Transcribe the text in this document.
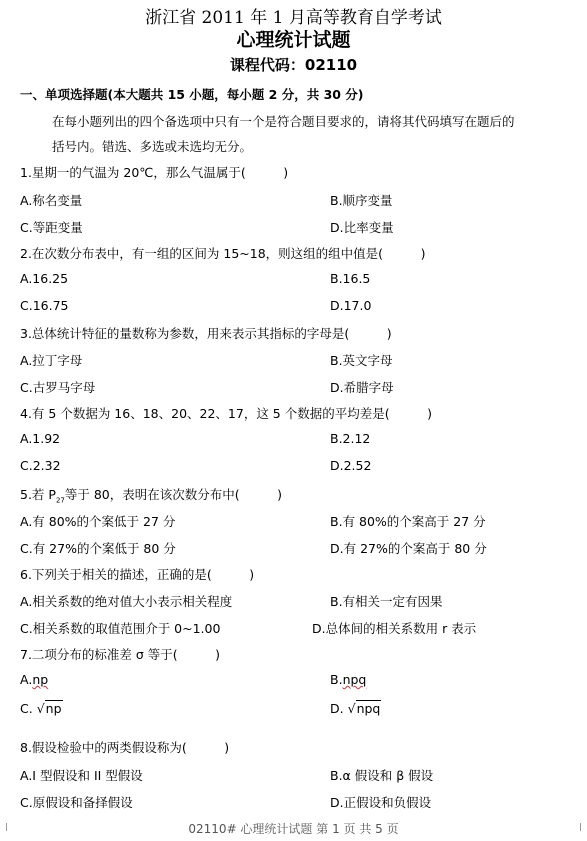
浙江省 2011 年 1 月高等教育自学考试
心理统计试题
课程代码：02110
一、单项选择题(本大题共 15 小题，每小题 2 分，共 30 分)
在每小题列出的四个备选项中只有一个是符合题目要求的，请将其代码填写在题后的
括号内。错选、多选或未选均无分。
1.星期一的气温为 20℃，那么气温属于(　　　)
A.称名变量	B.顺序变量
C.等距变量	D.比率变量
2.在次数分布表中，有一组的区间为 15~18，则这组的组中值是(　　　)
A.16.25	B.16.5
C.16.75	D.17.0
3.总体统计特征的量数称为参数，用来表示其指标的字母是(　　　)
A.拉丁字母	B.英文字母
C.古罗马字母	D.希腊字母
4.有 5 个数据为 16、18、20、22、17，这 5 个数据的平均差是(　　　)
A.1.92	B.2.12
C.2.32	D.2.52
5.若 $P_{27}$等于 80，表明在该次数分布中(　　　)
A.有 80%的个案低于 27 分	B.有 80%的个案高于 27 分
C.有 27%的个案低于 80 分	D.有 27%的个案高于 80 分
6.下列关于相关的描述，正确的是(　　　)
A.相关系数的绝对值大小表示相关程度	B.有相关一定有因果
C.相关系数的取值范围介于 0~1.00	D.总体间的相关系数用 r 表示
7.二项分布的标准差 σ 等于(　　　)
A.np	B.npq
C. √np	D. √npq
8.假设检验中的两类假设称为(　　　)
A.I 型假设和 II 型假设	B.α 假设和 β 假设
C.原假设和备择假设	D.正假设和负假设
02110# 心理统计试题 第 1 页 共 5 页
